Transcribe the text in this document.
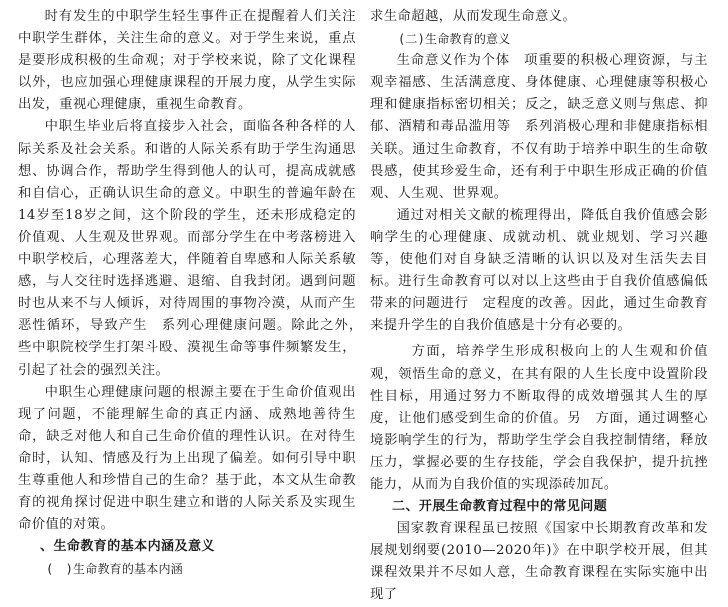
时有发生的中职学生轻生事件正在提醒着人们关注中职学生群体，关注生命的意义。对于学生来说，重点是要形成积极的生命观；对于学校来说，除了文化课程以外，也应加强心理健康课程的开展力度，从学生实际出发，重视心理健康，重视生命教育。

中职生毕业后将直接步入社会，面临各种各样的人际关系及社会关系。和谐的人际关系有助于学生沟通思想、协调合作，帮助学生得到他人的认可，提高成就感和自信心，正确认识生命的意义。中职生的普遍年龄在14岁至18岁之间，这个阶段的学生，还未形成稳定的价值观、人生观及世界观。而部分学生在中考落榜进入中职学校后，心理落差大，伴随着自卑感和人际关系敏感，与人交往时选择逃避、退缩、自我封闭。遇到问题时也从来不与人倾诉，对待周围的事物冷漠，从而产生恶性循环，导致产生　系列心理健康问题。除此之外，　些中职院校学生打架斗殴、漠视生命等事件频繁发生，引起了社会的强烈关注。

中职生心理健康问题的根源主要在于生命价值观出现了问题，不能理解生命的真正内涵、成熟地善待生命，缺乏对他人和自己生命价值的理性认识。在对待生命时，认知、情感及行为上出现了偏差。如何引导中职生尊重他人和珍惜自己的生命？基于此，本文从生命教育的视角探讨促进中职生建立和谐的人际关系及实现生命价值的对策。

、生命教育的基本内涵及意义

(　)生命教育的基本内涵

求生命超越，从而发现生命意义。

(二)生命教育的意义

生命意义作为个体　项重要的积极心理资源，与主观幸福感、生活满意度、身体健康、心理健康等积极心理和健康指标密切相关；反之，缺乏意义则与焦虑、抑郁、酒精和毒品滥用等　系列消极心理和非健康指标相关联。通过生命教育，不仅有助于培养中职生的生命敬畏感，使其珍爱生命，还有利于中职生形成正确的价值观、人生观、世界观。

通过对相关文献的梳理得出，降低自我价值感会影响学生的心理健康、成就动机、就业规划、学习兴趣等，使他们对自身缺乏清晰的认识以及对生活失去目标。进行生命教育可以对以上这些由于自我价值感偏低带来的问题进行　定程度的改善。因此，通过生命教育来提升学生的自我价值感是十分有必要的。

　方面，培养学生形成积极向上的人生观和价值观，领悟生命的意义，在其有限的人生长度中设置阶段性目标，用通过努力不断取得的成效增强其人生的厚度，让他们感受到生命的价值。另　方面，通过调整心境影响学生的行为，帮助学生学会自我控制情绪，释放压力，掌握必要的生存技能，学会自我保护，提升抗挫能力，从而为自我价值的实现添砖加瓦。

二、开展生命教育过程中的常见问题

国家教育课程虽已按照《国家中长期教育改革和发展规划纲要(2010—2020年)》在中职学校开展，但其课程效果并不尽如人意，生命教育课程在实际实施中出现了
